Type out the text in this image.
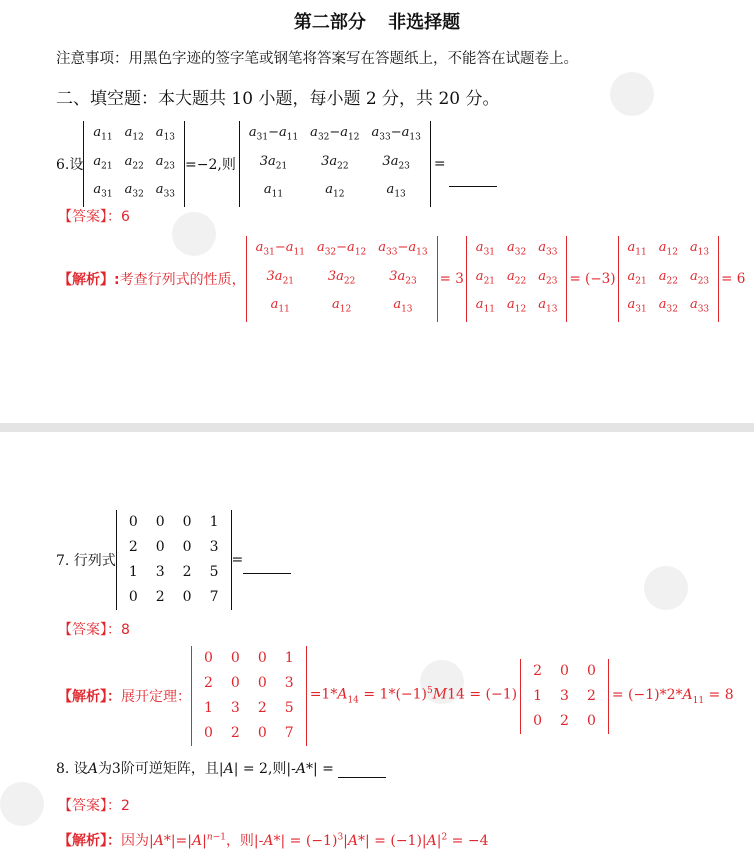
第二部分 非选择题
注意事项：用黑色字迹的签字笔或钢笔将答案写在答题纸上，不能答在试题卷上。
二、填空题：本大题共 10 小题，每小题 2 分，共 20 分。
6.设
$a_{11}$	$a_{12}$	$a_{13}$
$a_{21}$	$a_{22}$	$a_{23}$
$a_{31}$	$a_{32}$	$a_{33}$
=−2,则
$a_{31}-a_{11}$	$a_{32}-a_{12}$	$a_{33}-a_{13}$
$3a_{21}$	$3a_{22}$	$3a_{23}$
$a_{11}$	$a_{12}$	$a_{13}$
=
【答案】：6
【解析】:考查行列式的性质，
$a_{31}-a_{11}$	$a_{32}-a_{12}$	$a_{33}-a_{13}$
$3a_{21}$	$3a_{22}$	$3a_{23}$
$a_{11}$	$a_{12}$	$a_{13}$
= 3
$a_{31}$	$a_{32}$	$a_{33}$
$a_{21}$	$a_{22}$	$a_{23}$
$a_{11}$	$a_{12}$	$a_{13}$
= (−3)
$a_{11}$	$a_{12}$	$a_{13}$
$a_{21}$	$a_{22}$	$a_{23}$
$a_{31}$	$a_{32}$	$a_{33}$
= 6
7. 行列式
0	0	0	1
2	0	0	3
1	3	2	5
0	2	0	7
=
【答案】：8
【解析】：展开定理：
0	0	0	1
2	0	0	3
1	3	2	5
0	2	0	7
$=1*A_{14} = 1*(-1)^5M14 = (-1)$
2	0	0
1	3	2
0	2	0
= $(-1)*2*A_{11} = 8$
8. 设A为3阶可逆矩阵，且|A| = 2,则|-A*| =
【答案】：2
【解析】：因为$|A*|=|A|^{n-1}$，则$|-A*| = (-1)^3|A*| = (-1)|A|^2 = -4$
